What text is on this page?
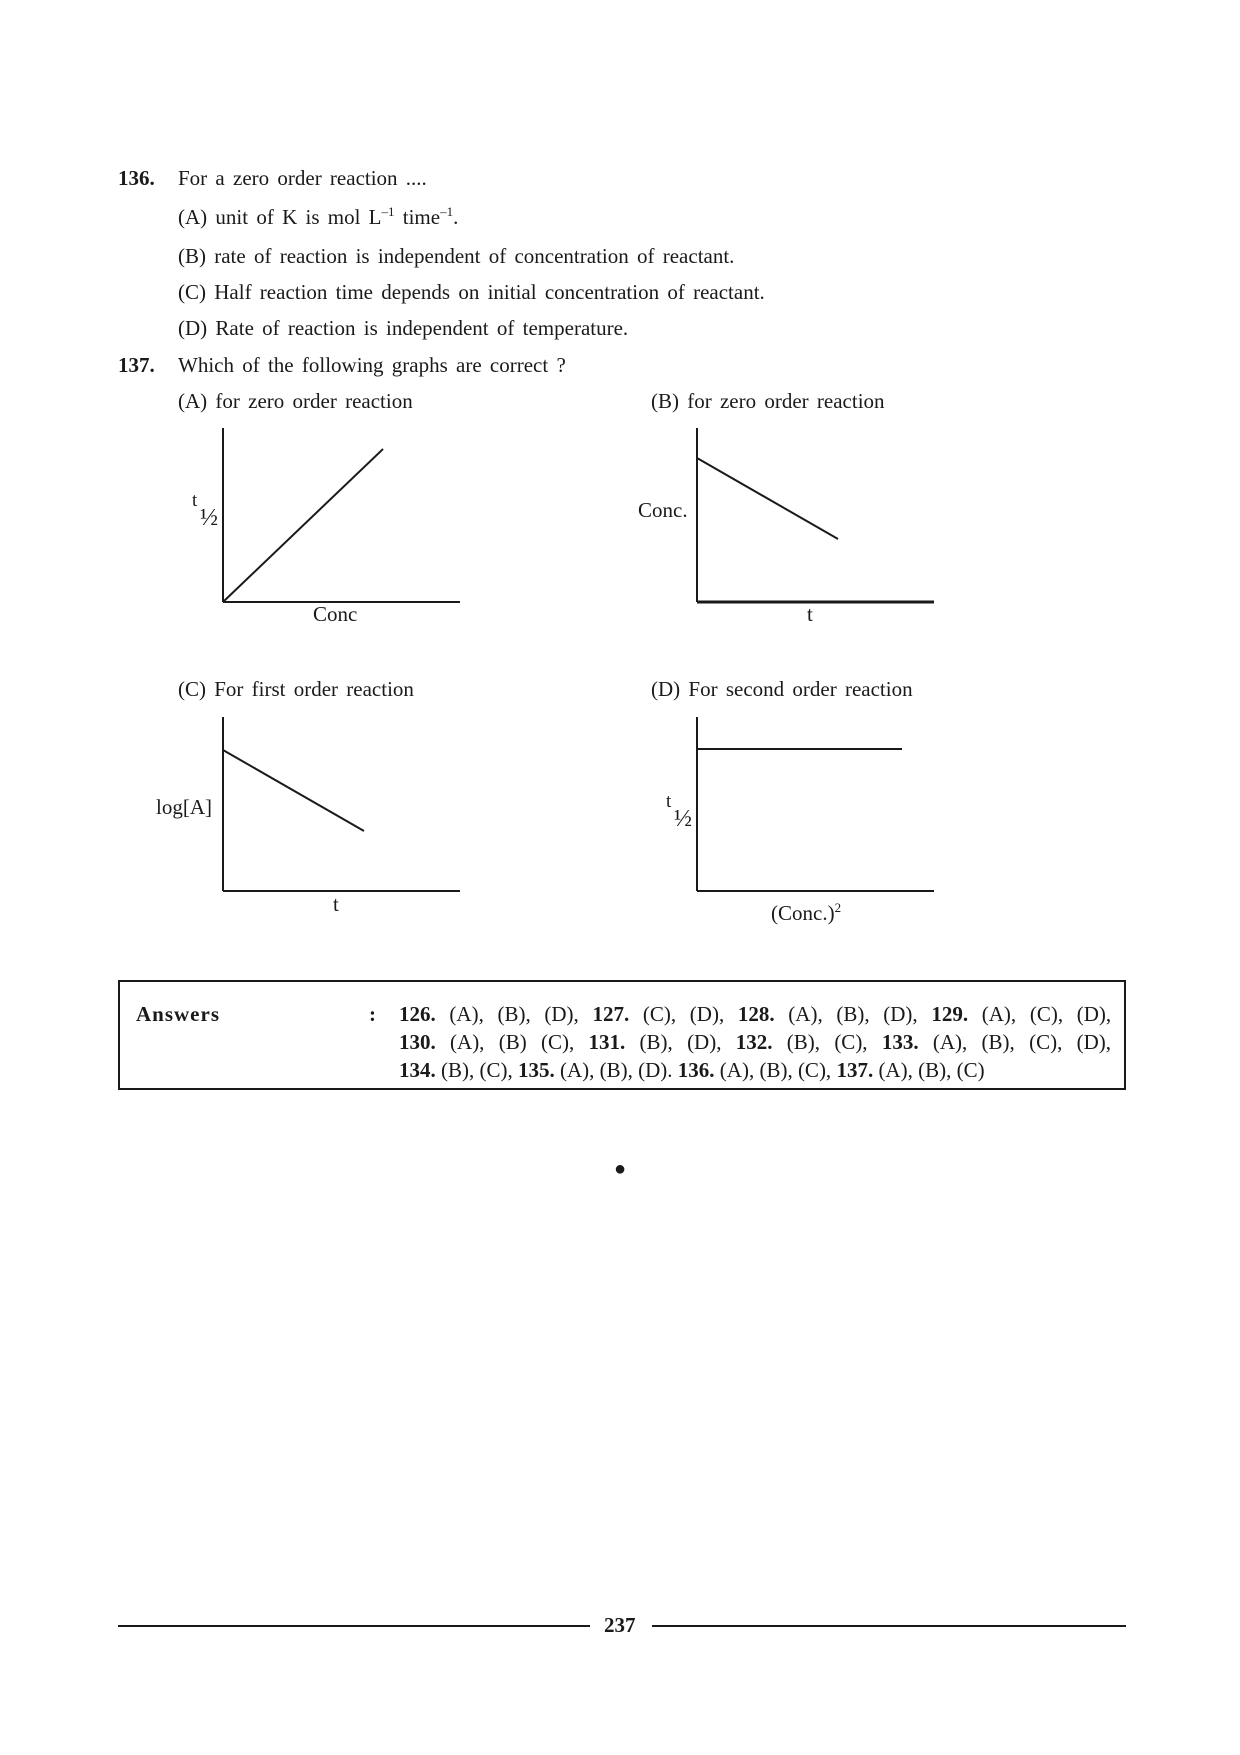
136. For a zero order reaction ....
(A) unit of K is mol $L^{-1}$ time$^{-1}$.
(B) rate of reaction is independent of concentration of reactant.
(C) Half reaction time depends on initial concentration of reactant.
(D) Rate of reaction is independent of temperature.
137. Which of the following graphs are correct ?
(A) for zero order reaction	(B) for zero order reaction
(C) For first order reaction	(D) For second order reaction
t
½
Conc
Conc.
t
log[A]
t
t
½
(Conc.)$^2$
Answers	: 126. (A), (B), (D), 127. (C), (D), 128. (A), (B), (D), 129. (A), (C), (D),
130. (A), (B) (C), 131. (B), (D), 132. (B), (C), 133. (A), (B), (C), (D),
134. (B), (C), 135. (A), (B), (D). 136. (A), (B), (C), 137. (A), (B), (C)
●
237
